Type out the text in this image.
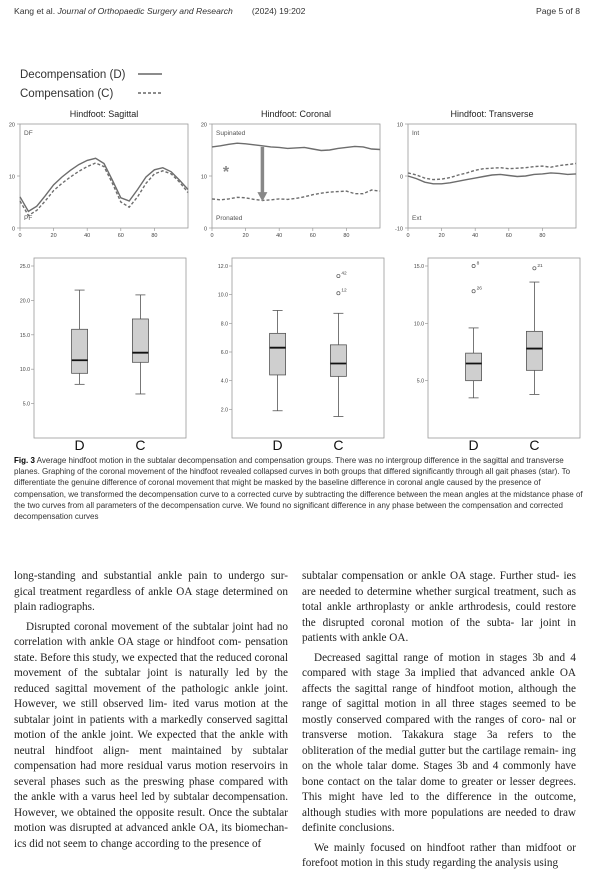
Kang et al. Journal of Orthopaedic Surgery and Research (2024) 19:202	Page 5 of 8
Decompensation (D)
Compensation (C)
Hindfoot: Sagittal
0
10
20
0	20	40	60	80
DF
PF
Hindfoot: Coronal
0
10
20
0	20	40	60	80
Supinated
Pronated
*
Hindfoot: Transverse
-10
0
10
0	20	40	60	80
Int
Ext
5.0
10.0
15.0
20.0
25.0
D	C
2.0
4.0
6.0
8.0
10.0
12.0
D
42
12
C
5.0
10.0
15.0	8
26
D
21
C
Fig. 3 Average hindfoot motion in the subtalar decompensation and compensation groups. There was no intergroup difference in the sagittal and transverse planes. Graphing of the coronal movement of the hindfoot revealed collapsed curves in both groups that differed significantly through all gait phases (star). To differentiate the genuine difference of coronal movement that might be masked by the baseline difference in coronal angle caused by the presence of compensation, we transformed the decompensation curve to a corrected curve by subtracting the difference between the mean angles at the midstance phase of the two curves from all parameters of the decompensation curve. We found no significant difference in any phase between the compensation and corrected decompensation curves

long-standing and substantial ankle pain to undergo sur- gical treatment regardless of ankle OA stage determined on plain radiographs.

Disrupted coronal movement of the subtalar joint had no correlation with ankle OA stage or hindfoot com- pensation state. Before this study, we expected that the reduced coronal movement of the subtalar joint is naturally led by the reduced sagittal movement of the pathologic ankle joint. However, we still observed lim- ited varus motion at the subtalar joint in patients with a markedly conserved sagittal motion of the ankle joint. We expected that the ankle with neutral hindfoot align- ment maintained by subtalar compensation had more residual varus motion reservoirs in several phases such as the preswing phase compared with the ankle with a varus heel led by subtalar decompensation. However, we obtained the opposite result. Once the subtalar motion was disrupted at advanced ankle OA, its biomechan- ics did not seem to change according to the presence of

subtalar compensation or ankle OA stage. Further stud- ies are needed to determine whether surgical treatment, such as total ankle arthroplasty or ankle arthrodesis, could restore the disrupted coronal motion of the subta- lar joint in patients with ankle OA.

Decreased sagittal range of motion in stages 3b and 4 compared with stage 3a implied that advanced ankle OA affects the sagittal range of hindfoot motion, although the range of sagittal motion in all three stages seemed to be mostly conserved compared with the ranges of coro- nal or transverse motion. Takakura stage 3a refers to the obliteration of the medial gutter but the cartilage remain- ing on the whole talar dome. Stages 3b and 4 commonly have bone contact on the talar dome to greater or lesser degrees. This might have led to the difference in the outcome, although studies with more populations are needed to draw definite conclusions.

We mainly focused on hindfoot rather than midfoot or forefoot motion in this study regarding the analysis using
